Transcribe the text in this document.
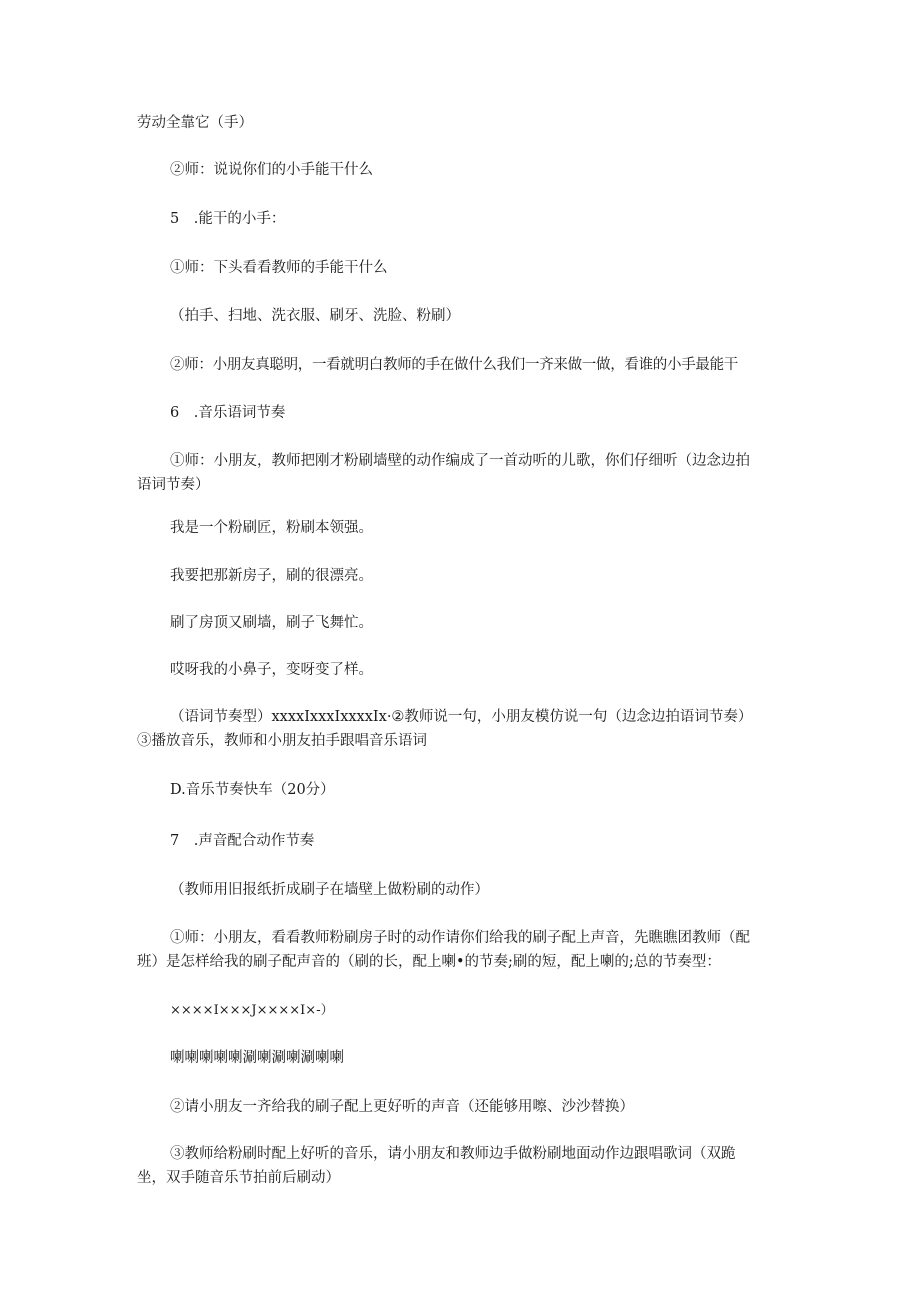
劳动全靠它（手）

②师：说说你们的小手能干什么

5　.能干的小手：

①师：下头看看教师的手能干什么

（拍手、扫地、洗衣服、刷牙、洗脸、粉刷）

②师：小朋友真聪明，一看就明白教师的手在做什么我们一齐来做一做，看谁的小手最能干

6　.音乐语词节奏

①师：小朋友，教师把刚才粉刷墙壁的动作编成了一首动听的儿歌，你们仔细听（边念边拍语词节奏）

我是一个粉刷匠，粉刷本领强。

我要把那新房子，刷的很漂亮。

刷了房顶又刷墙，刷子飞舞忙。

哎呀我的小鼻子，变呀变了样。

（语词节奏型）xxxxIxxxIxxxxIx·②教师说一句，小朋友模仿说一句（边念边拍语词节奏）③播放音乐，教师和小朋友拍手跟唱音乐语词

D.音乐节奏快车（20分）

7　.声音配合动作节奏

（教师用旧报纸折成刷子在墙壁上做粉刷的动作）

①师：小朋友，看看教师粉刷房子时的动作请你们给我的刷子配上声音，先瞧瞧团教师（配班）是怎样给我的刷子配声音的（刷的长，配上喇•的节奏;刷的短，配上喇的;总的节奏型：

××××I×××J××××I×-）

喇喇喇喇喇涮喇涮喇涮喇喇

②请小朋友一齐给我的刷子配上更好听的声音（还能够用嚓、沙沙替换）

③教师给粉刷时配上好听的音乐，请小朋友和教师边手做粉刷地面动作边跟唱歌词（双跪坐，双手随音乐节拍前后刷动）
